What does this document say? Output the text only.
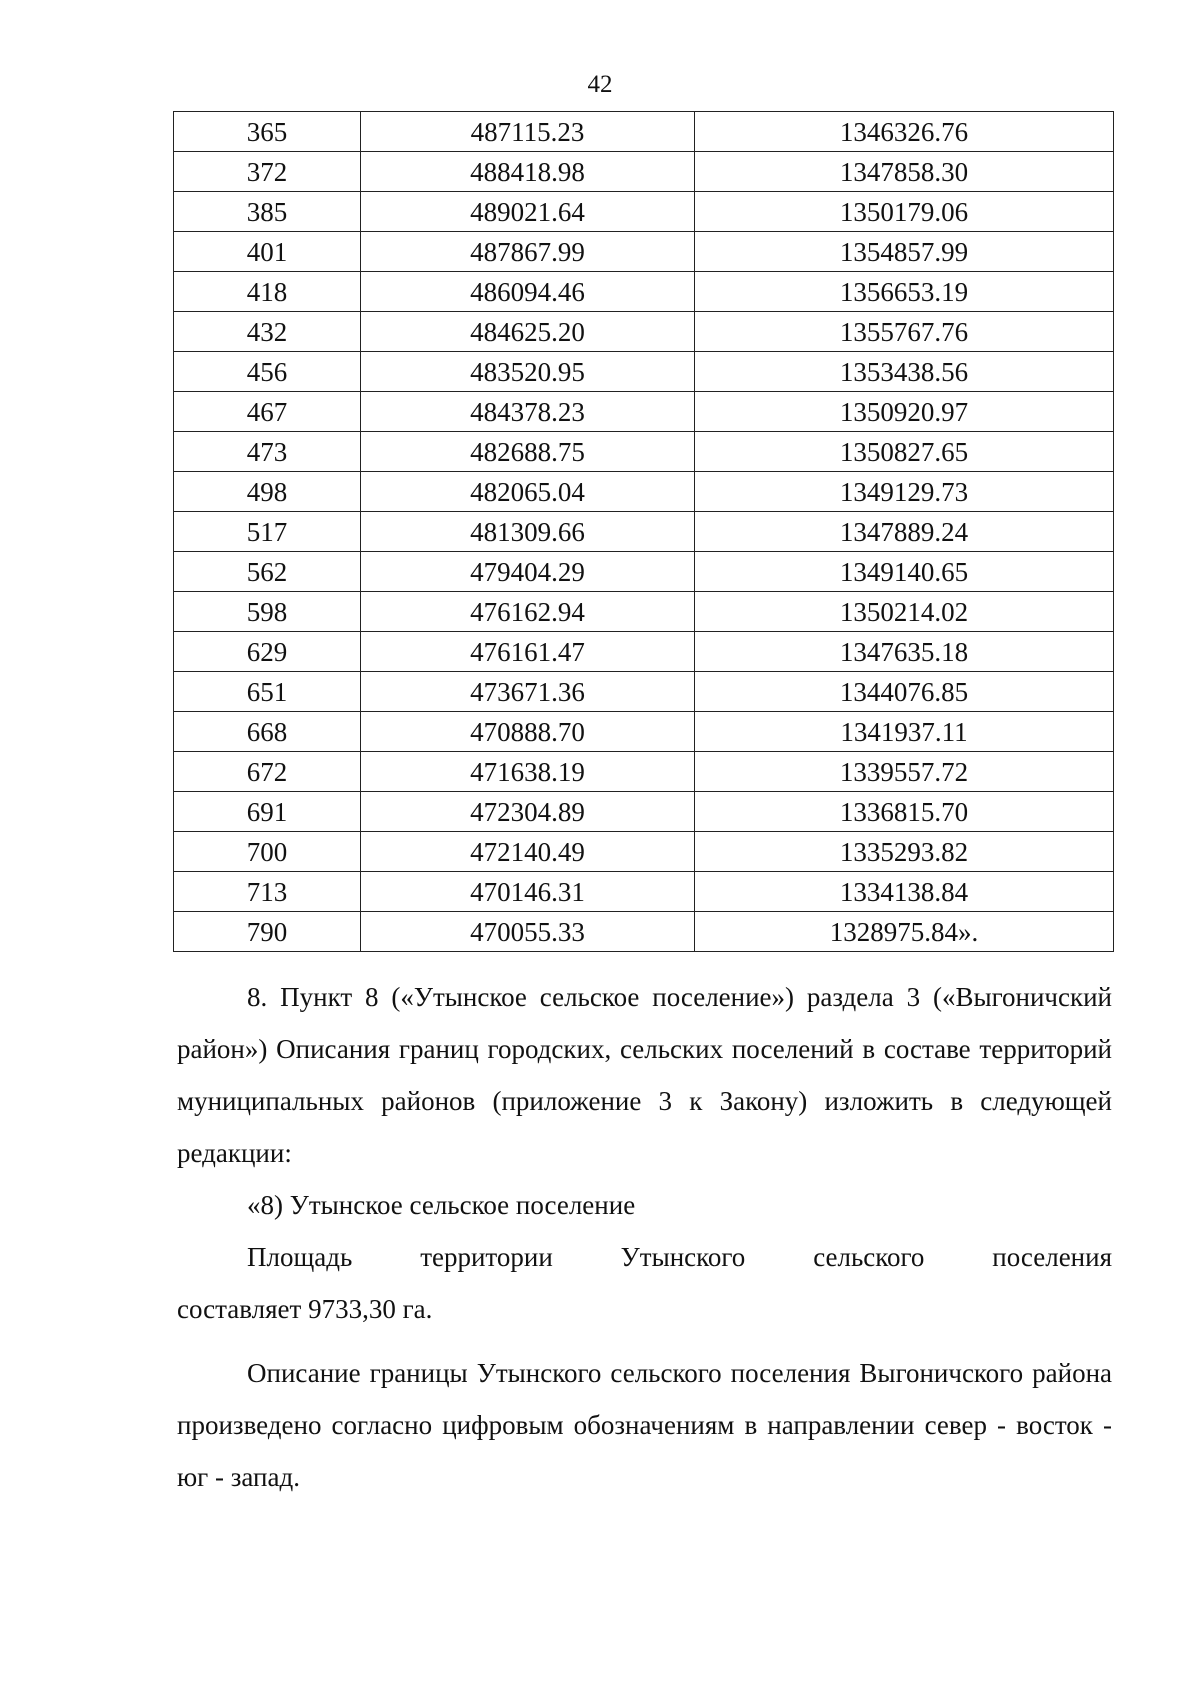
42
365	487115.23	1346326.76
372	488418.98	1347858.30
385	489021.64	1350179.06
401	487867.99	1354857.99
418	486094.46	1356653.19
432	484625.20	1355767.76
456	483520.95	1353438.56
467	484378.23	1350920.97
473	482688.75	1350827.65
498	482065.04	1349129.73
517	481309.66	1347889.24
562	479404.29	1349140.65
598	476162.94	1350214.02
629	476161.47	1347635.18
651	473671.36	1344076.85
668	470888.70	1341937.11
672	471638.19	1339557.72
691	472304.89	1336815.70
700	472140.49	1335293.82
713	470146.31	1334138.84
790	470055.33	1328975.84».

8. Пункт 8 («Утынское сельское поселение») раздела 3 («Выгоничский район») Описания границ городских, сельских поселений в составе территорий муниципальных районов (приложение 3 к Закону) изложить в следующей редакции:

«8) Утынское сельское поселение

Площадь территории Утынского сельского поселения

составляет 9733,30 га.

Описание границы Утынского сельского поселения Выгоничского района произведено согласно цифровым обозначениям в направлении север - восток - юг - запад.
